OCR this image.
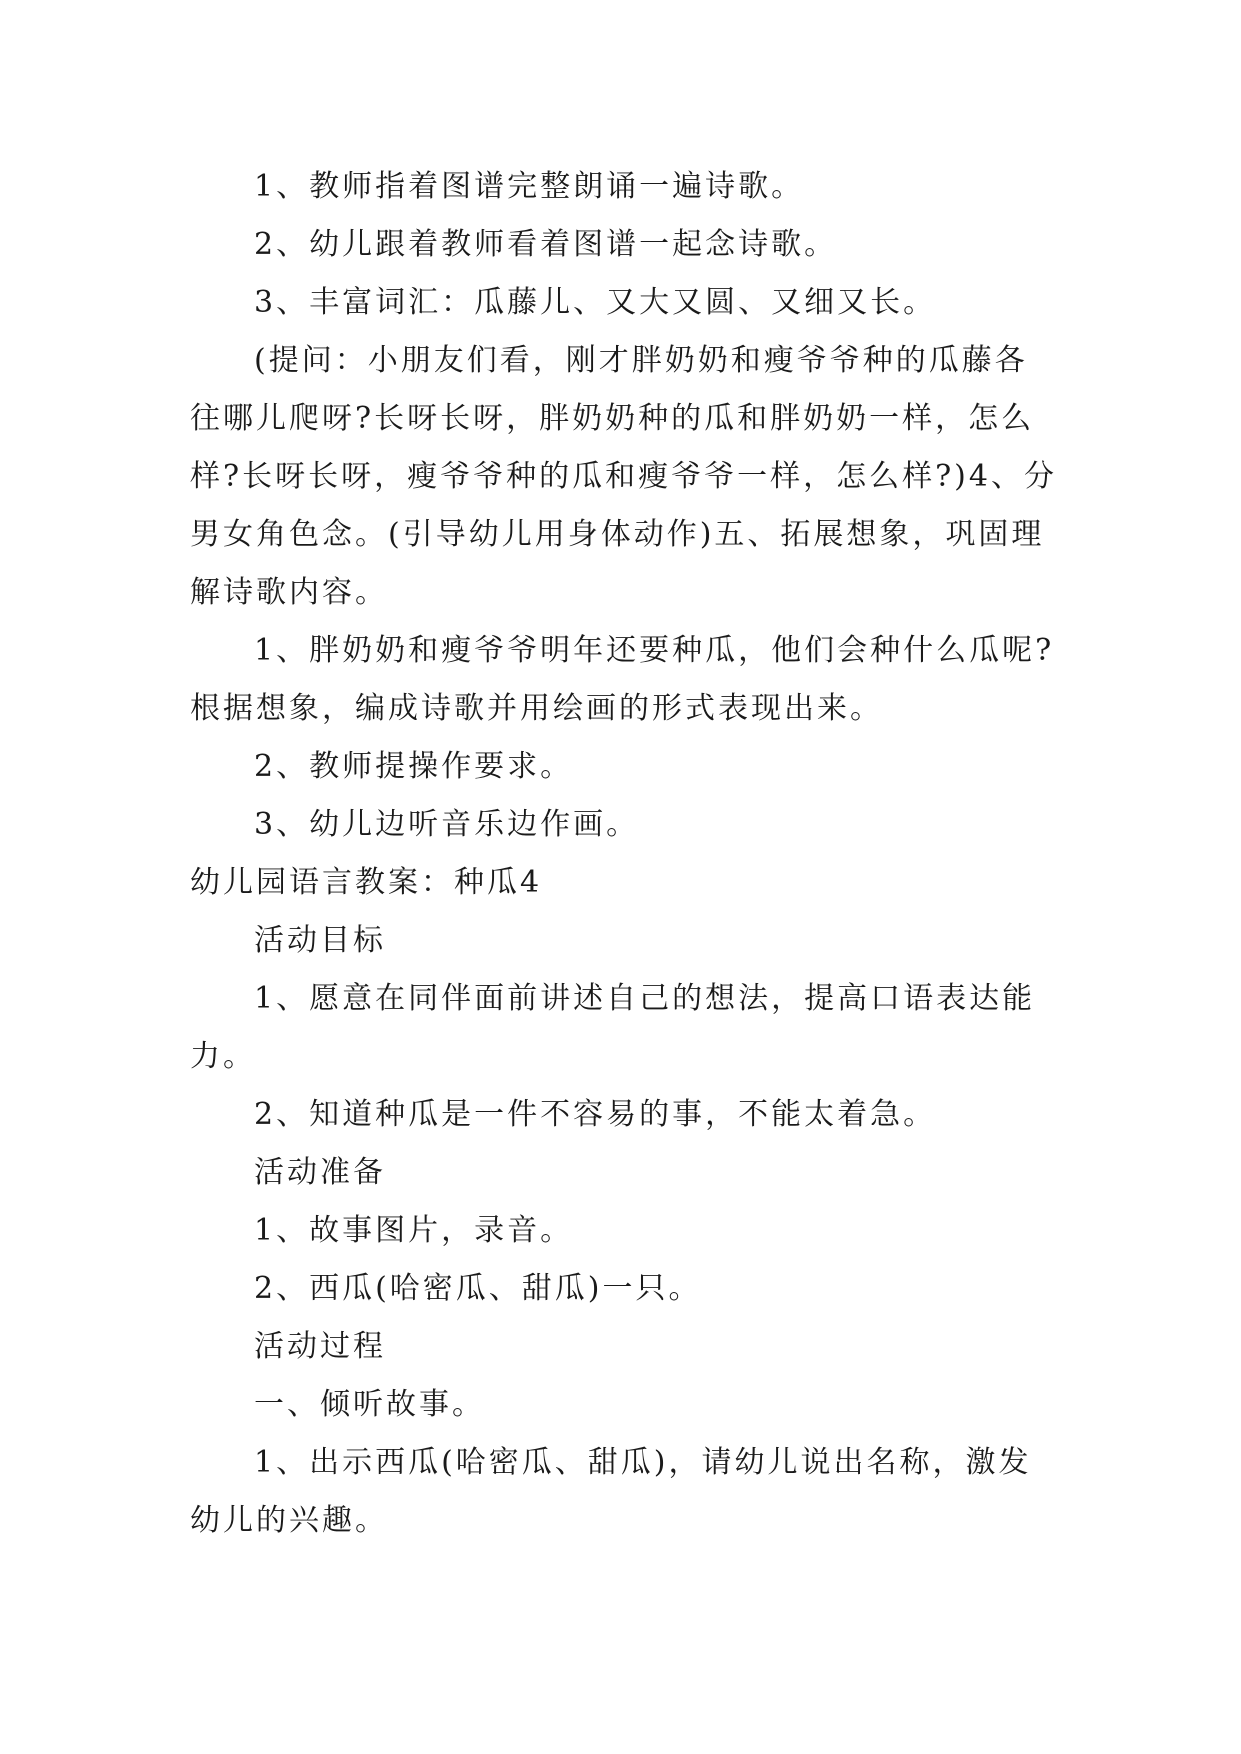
1、教师指着图谱完整朗诵一遍诗歌。

2、幼儿跟着教师看着图谱一起念诗歌。

3、丰富词汇：瓜藤儿、又大又圆、又细又长。

(提问：小朋友们看，刚才胖奶奶和瘦爷爷种的瓜藤各

往哪儿爬呀?长呀长呀，胖奶奶种的瓜和胖奶奶一样，怎么

样?长呀长呀，瘦爷爷种的瓜和瘦爷爷一样，怎么样?)4、分

男女角色念。(引导幼儿用身体动作)五、拓展想象，巩固理

解诗歌内容。

1、胖奶奶和瘦爷爷明年还要种瓜，他们会种什么瓜呢?

根据想象，编成诗歌并用绘画的形式表现出来。

2、教师提操作要求。

3、幼儿边听音乐边作画。

幼儿园语言教案：种瓜4

活动目标

1、愿意在同伴面前讲述自己的想法，提高口语表达能

力。

2、知道种瓜是一件不容易的事，不能太着急。

活动准备

1、故事图片，录音。

2、西瓜(哈密瓜、甜瓜)一只。

活动过程

一、倾听故事。

1、出示西瓜(哈密瓜、甜瓜)，请幼儿说出名称，激发

幼儿的兴趣。
